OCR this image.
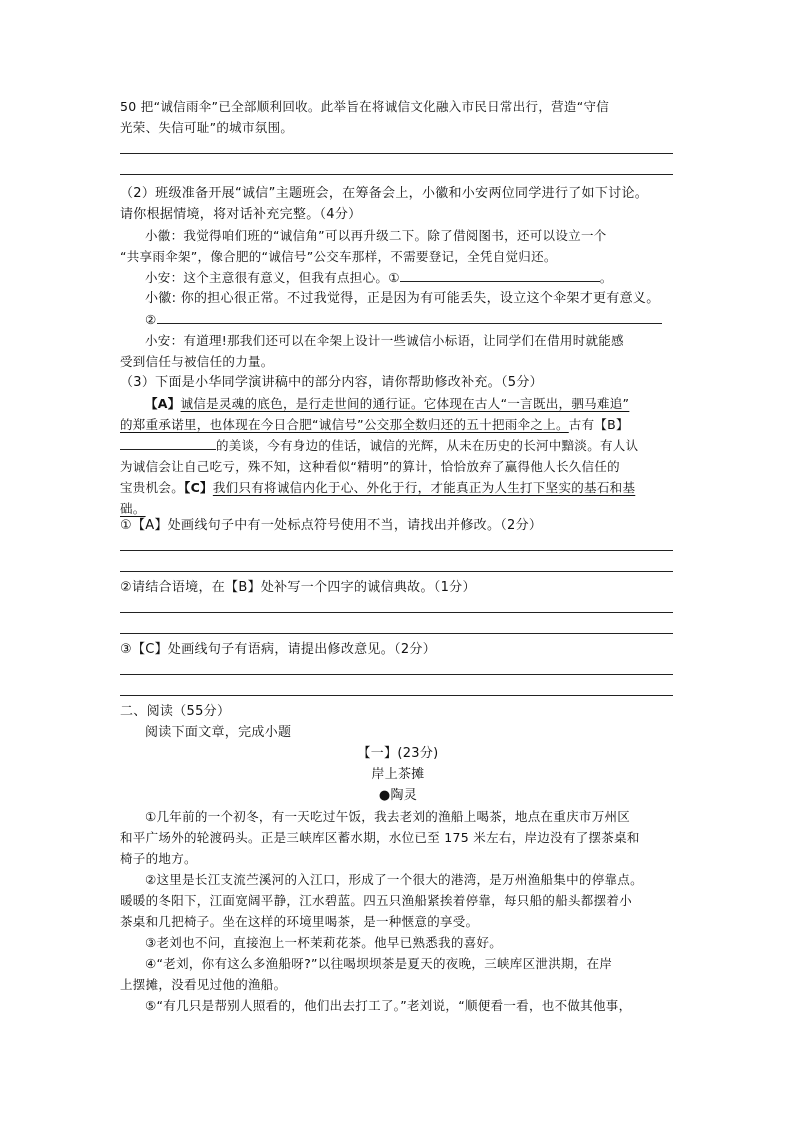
50 把“诚信雨伞”已全部顺利回收。此举旨在将诚信文化融入市民日常出行，营造“守信
光荣、失信可耻”的城市氛围。
（2）班级准备开展“诚信”主题班会，在筹备会上，小徽和小安两位同学进行了如下讨论。
请你根据情境，将对话补充完整。（4分）
小徽：我觉得咱们班的“诚信角”可以再升级二下。除了借阅图书，还可以设立一个
“共享雨伞架”，像合肥的“诚信号”公交车那样，不需要登记，全凭自觉归还。
小安：这个主意很有意义，但我有点担心。①	。
小徽: 你的担心很正常。不过我觉得，正是因为有可能丢失，设立这个伞架才更有意义。
②
小安：有道理!那我们还可以在伞架上设计一些诚信小标语，让同学们在借用时就能感
受到信任与被信任的力量。
（3）下面是小华同学演讲稿中的部分内容，请你帮助修改补充。（5分）
【A】诚信是灵魂的底色，是行走世间的通行证。它体现在古人“一言既出，驷马难追”
的郑重承诺里，也体现在今日合肥“诚信号”公交那全数归还的五十把雨伞之上。古有【B】
的美谈，今有身边的佳话，诚信的光辉，从未在历史的长河中黯淡。有人认
为诚信会让自己吃亏，殊不知，这种看似“精明”的算计，恰恰放弃了赢得他人长久信任的
宝贵机会。【C】我们只有将诚信内化于心、外化于行，才能真正为人生打下坚实的基石和基
础。
①【A】处画线句子中有一处标点符号使用不当，请找出并修改。（2分）
②请结合语境，在【B】处补写一个四字的诚信典故。（1分）
③【C】处画线句子有语病，请提出修改意见。（2分）
二、阅读（55分）
阅读下面文章，完成小题
【一】(23分)
岸上茶摊
●陶灵
①几年前的一个初冬，有一天吃过午饭，我去老刘的渔船上喝茶，地点在重庆市万州区
和平广场外的轮渡码头。正是三峡库区蓄水期，水位已至 175 米左右，岸边没有了摆茶桌和
椅子的地方。
②这里是长江支流苎溪河的入江口，形成了一个很大的港湾，是万州渔船集中的停靠点。
暖暖的冬阳下，江面宽阔平静，江水碧蓝。四五只渔船紧挨着停靠，每只船的船头都摆着小
茶桌和几把椅子。坐在这样的环境里喝茶，是一种惬意的享受。
③老刘也不问，直接泡上一杯茉莉花茶。他早已熟悉我的喜好。
④“老刘，你有这么多渔船呀?”以往喝坝坝茶是夏天的夜晚，三峡库区泄洪期，在岸
上摆摊，没看见过他的渔船。
⑤“有几只是帮别人照看的，他们出去打工了。”老刘说，“顺便看一看，也不做其他事，
